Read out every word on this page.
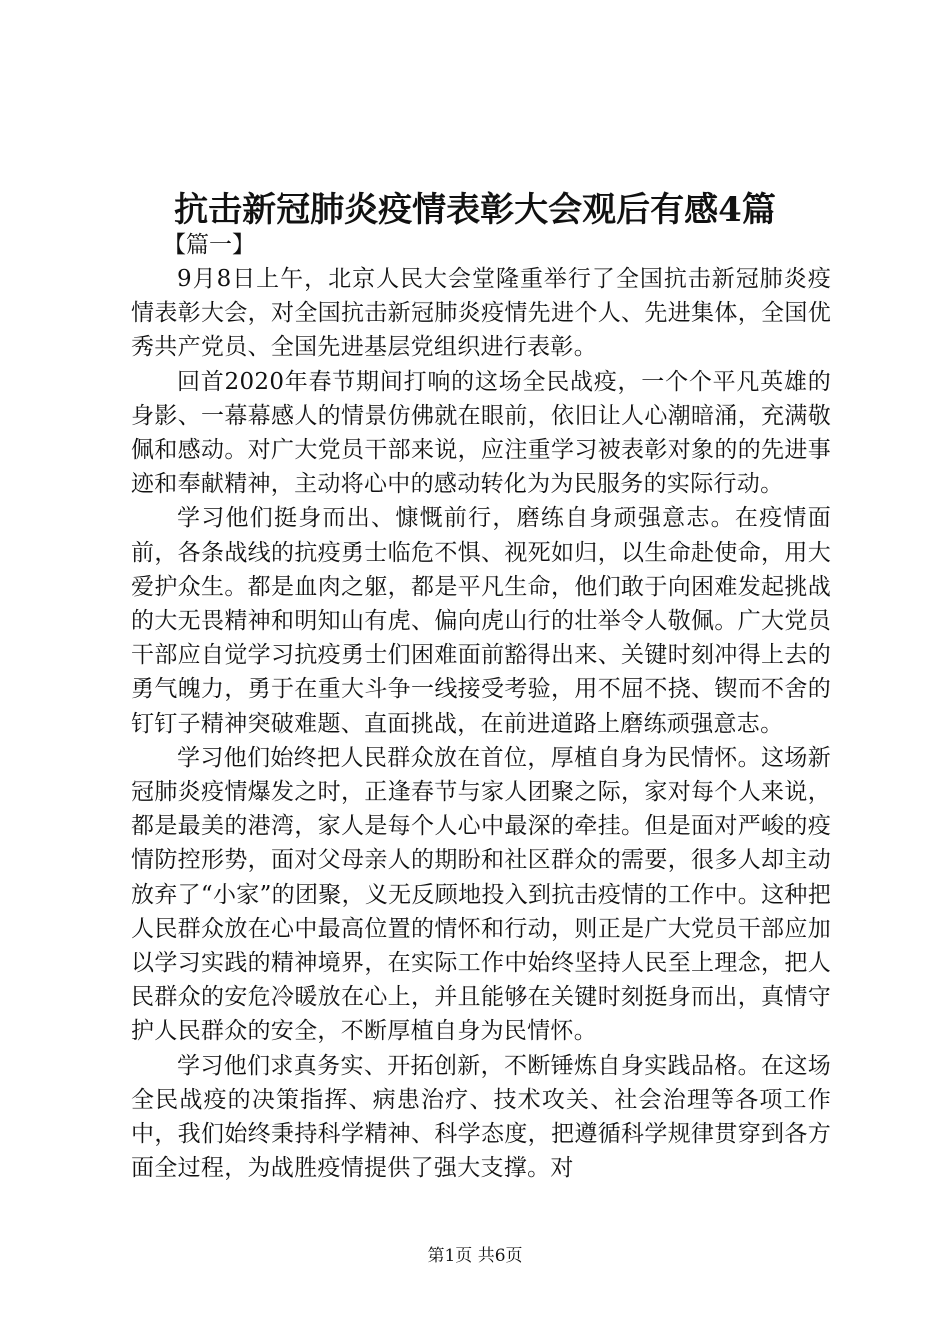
抗击新冠肺炎疫情表彰大会观后有感4篇

【篇一】

9月8日上午，北京人民大会堂隆重举行了全国抗击新冠肺炎疫情表彰大会，对全国抗击新冠肺炎疫情先进个人、先进集体，全国优秀共产党员、全国先进基层党组织进行表彰。

回首2020年春节期间打响的这场全民战疫，一个个平凡英雄的身影、一幕幕感人的情景仿佛就在眼前，依旧让人心潮暗涌，充满敬佩和感动。对广大党员干部来说，应注重学习被表彰对象的的先进事迹和奉献精神，主动将心中的感动转化为为民服务的实际行动。

学习他们挺身而出、慷慨前行，磨练自身顽强意志。在疫情面前，各条战线的抗疫勇士临危不惧、视死如归，以生命赴使命，用大爱护众生。都是血肉之躯，都是平凡生命，他们敢于向困难发起挑战的大无畏精神和明知山有虎、偏向虎山行的壮举令人敬佩。广大党员干部应自觉学习抗疫勇士们困难面前豁得出来、关键时刻冲得上去的勇气魄力，勇于在重大斗争一线接受考验，用不屈不挠、锲而不舍的钉钉子精神突破难题、直面挑战，在前进道路上磨练顽强意志。

学习他们始终把人民群众放在首位，厚植自身为民情怀。这场新冠肺炎疫情爆发之时，正逢春节与家人团聚之际，家对每个人来说，都是最美的港湾，家人是每个人心中最深的牵挂。但是面对严峻的疫情防控形势，面对父母亲人的期盼和社区群众的需要，很多人却主动放弃了“小家”的团聚，义无反顾地投入到抗击疫情的工作中。这种把人民群众放在心中最高位置的情怀和行动，则正是广大党员干部应加以学习实践的精神境界，在实际工作中始终坚持人民至上理念，把人民群众的安危冷暖放在心上，并且能够在关键时刻挺身而出，真情守护人民群众的安全，不断厚植自身为民情怀。

学习他们求真务实、开拓创新，不断锤炼自身实践品格。在这场全民战疫的决策指挥、病患治疗、技术攻关、社会治理等各项工作中，我们始终秉持科学精神、科学态度，把遵循科学规律贯穿到各方面全过程，为战胜疫情提供了强大支撑。对

第1页 共6页
